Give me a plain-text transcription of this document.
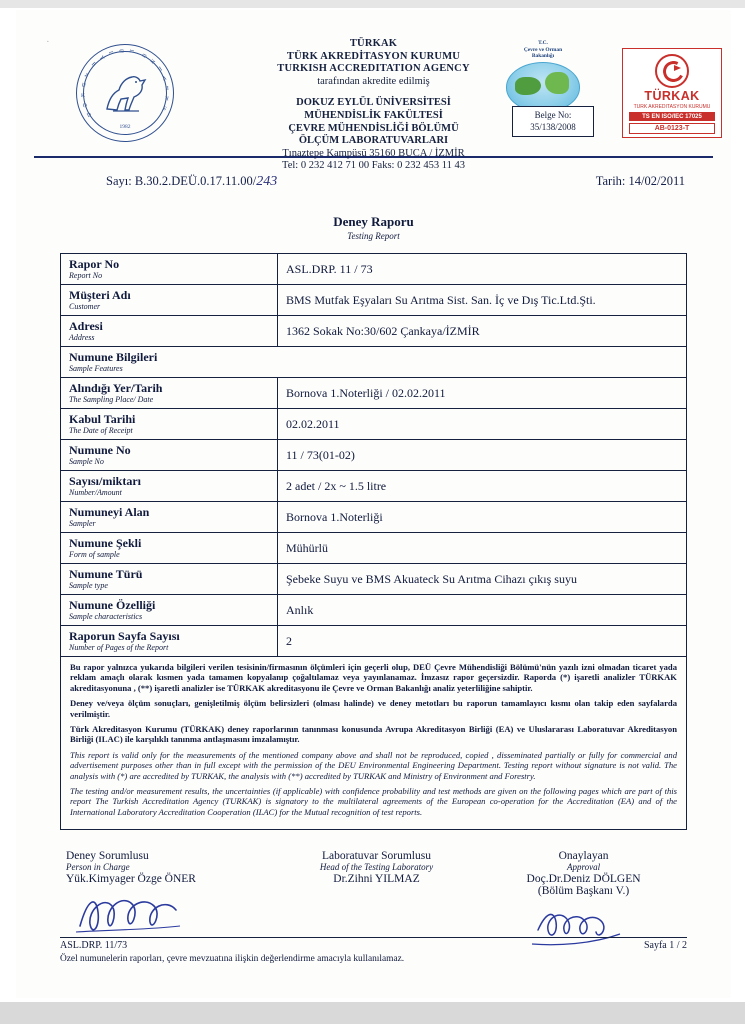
·
D
O
K
U
Z
E
Y
L Ü L
Ü
N
İ
V
E
R
S
1982
TÜRKAK
TÜRK AKREDİTASYON KURUMU
TURKISH ACCREDITATION AGENCY
tarafından akredite edilmiş
DOKUZ EYLÜL ÜNİVERSİTESİ
MÜHENDİSLİK FAKÜLTESİ
ÇEVRE MÜHENDİSLİĞİ BÖLÜMÜ
ÖLÇÜM LABORATUVARLARI
Tınaztepe Kampüsü 35160 BUCA / İZMİR
Tel: 0 232 412 71 00 Faks: 0 232 453 11 43
T.C.
Çevre ve Orman
Bakanlığı
Belge No:
35/138/2008
TÜRKAK
TURK AKREDITASYON KURUMU
TS EN ISO/IEC 17025
AB-0123-T
Sayı: B.30.2.DEÜ.0.17.11.00/243	Tarih: 14/02/2011
Deney Raporu
Testing Report
Rapor No
Report No	ASL.DRP. 11 / 73

Müşteri Adı
Customer	BMS Mutfak Eşyaları Su Arıtma Sist. San. İç ve Dış Tic.Ltd.Şti.

Adresi
Address	1362 Sokak No:30/602 Çankaya/İZMİR

Numune Bilgileri
Sample Features	

Alındığı Yer/Tarih
The Sampling Place/ Date	Bornova 1.Noterliği / 02.02.2011

Kabul Tarihi
The Date of Receipt	02.02.2011

Numune No
Sample No	11 / 73(01-02)

Sayısı/miktarı
Number/Amount	2 adet / 2x ~ 1.5 litre

Numuneyi Alan
Sampler	Bornova 1.Noterliği

Numune Şekli
Form of sample	Mühürlü

Numune Türü
Sample type	Şebeke Suyu ve BMS Akuateck Su Arıtma Cihazı çıkış suyu

Numune Özelliği
Sample characteristics	Anlık

Raporun Sayfa Sayısı
Number of Pages of the Report	2

Bu rapor yalnızca yukarıda bilgileri verilen tesisinin/firmasının ölçümleri için geçerli olup, DEÜ Çevre Mühendisliği Bölümü'nün yazılı izni olmadan ticaret yada reklam amaçlı olarak kısmen yada tamamen kopyalanıp çoğaltılamaz veya yayınlanamaz. İmzasız rapor geçersizdir. Raporda (*) işaretli analizler TÜRKAK akreditasyonuna , (**) işaretli analizler ise TÜRKAK akreditasyonu ile Çevre ve Orman Bakanlığı analiz yeterliliğine sahiptir.

Deney ve/veya ölçüm sonuçları, genişletilmiş ölçüm belirsizleri (olması halinde) ve deney metotları bu raporun tamamlayıcı kısmı olan takip eden sayfalarda verilmiştir.

Türk Akreditasyon Kurumu (TÜRKAK) deney raporlarının tanınması konusunda Avrupa Akreditasyon Birliği (EA) ve Uluslararası Laboratuvar Akreditasyon Birliği (ILAC) ile karşılıklı tanınma antlaşmasını imzalamıştır.

This report is valid only for the measurements of the mentioned company above and shall not be reproduced, copied , disseminated partially or fully for commercial and advertisement purposes other than in full except with the permission of the DEU Environmental Engineering Department. Testing report without signature is not valid. The analysis with (*) are accredited by TURKAK, the analysis with (**) accredited by TURKAK and Ministry of Environment and Forestry.

The testing and/or measurement results, the uncertainties (if applicable) with confidence probability and test methods are given on the following pages which are part of this report The Turkish Accreditation Agency (TURKAK) is signatory to the multilateral agreements of the European co-operation for the Accreditation (EA) and of the International Laboratory Accreditation Cooperation (ILAC) for the Mutual recognition of test reports.

Deney Sorumlusu
Person in Charge
Yük.Kimyager Özge ÖNER
Laboratuvar Sorumlusu
Head of the Testing Laboratory
Dr.Zihni YILMAZ
Onaylayan
Approval
Doç.Dr.Deniz DÖLGEN
(Bölüm Başkanı V.)
ASL.DRP. 11/73	Sayfa 1 / 2
Özel numunelerin raporları, çevre mevzuatına ilişkin değerlendirme amacıyla kullanılamaz.
